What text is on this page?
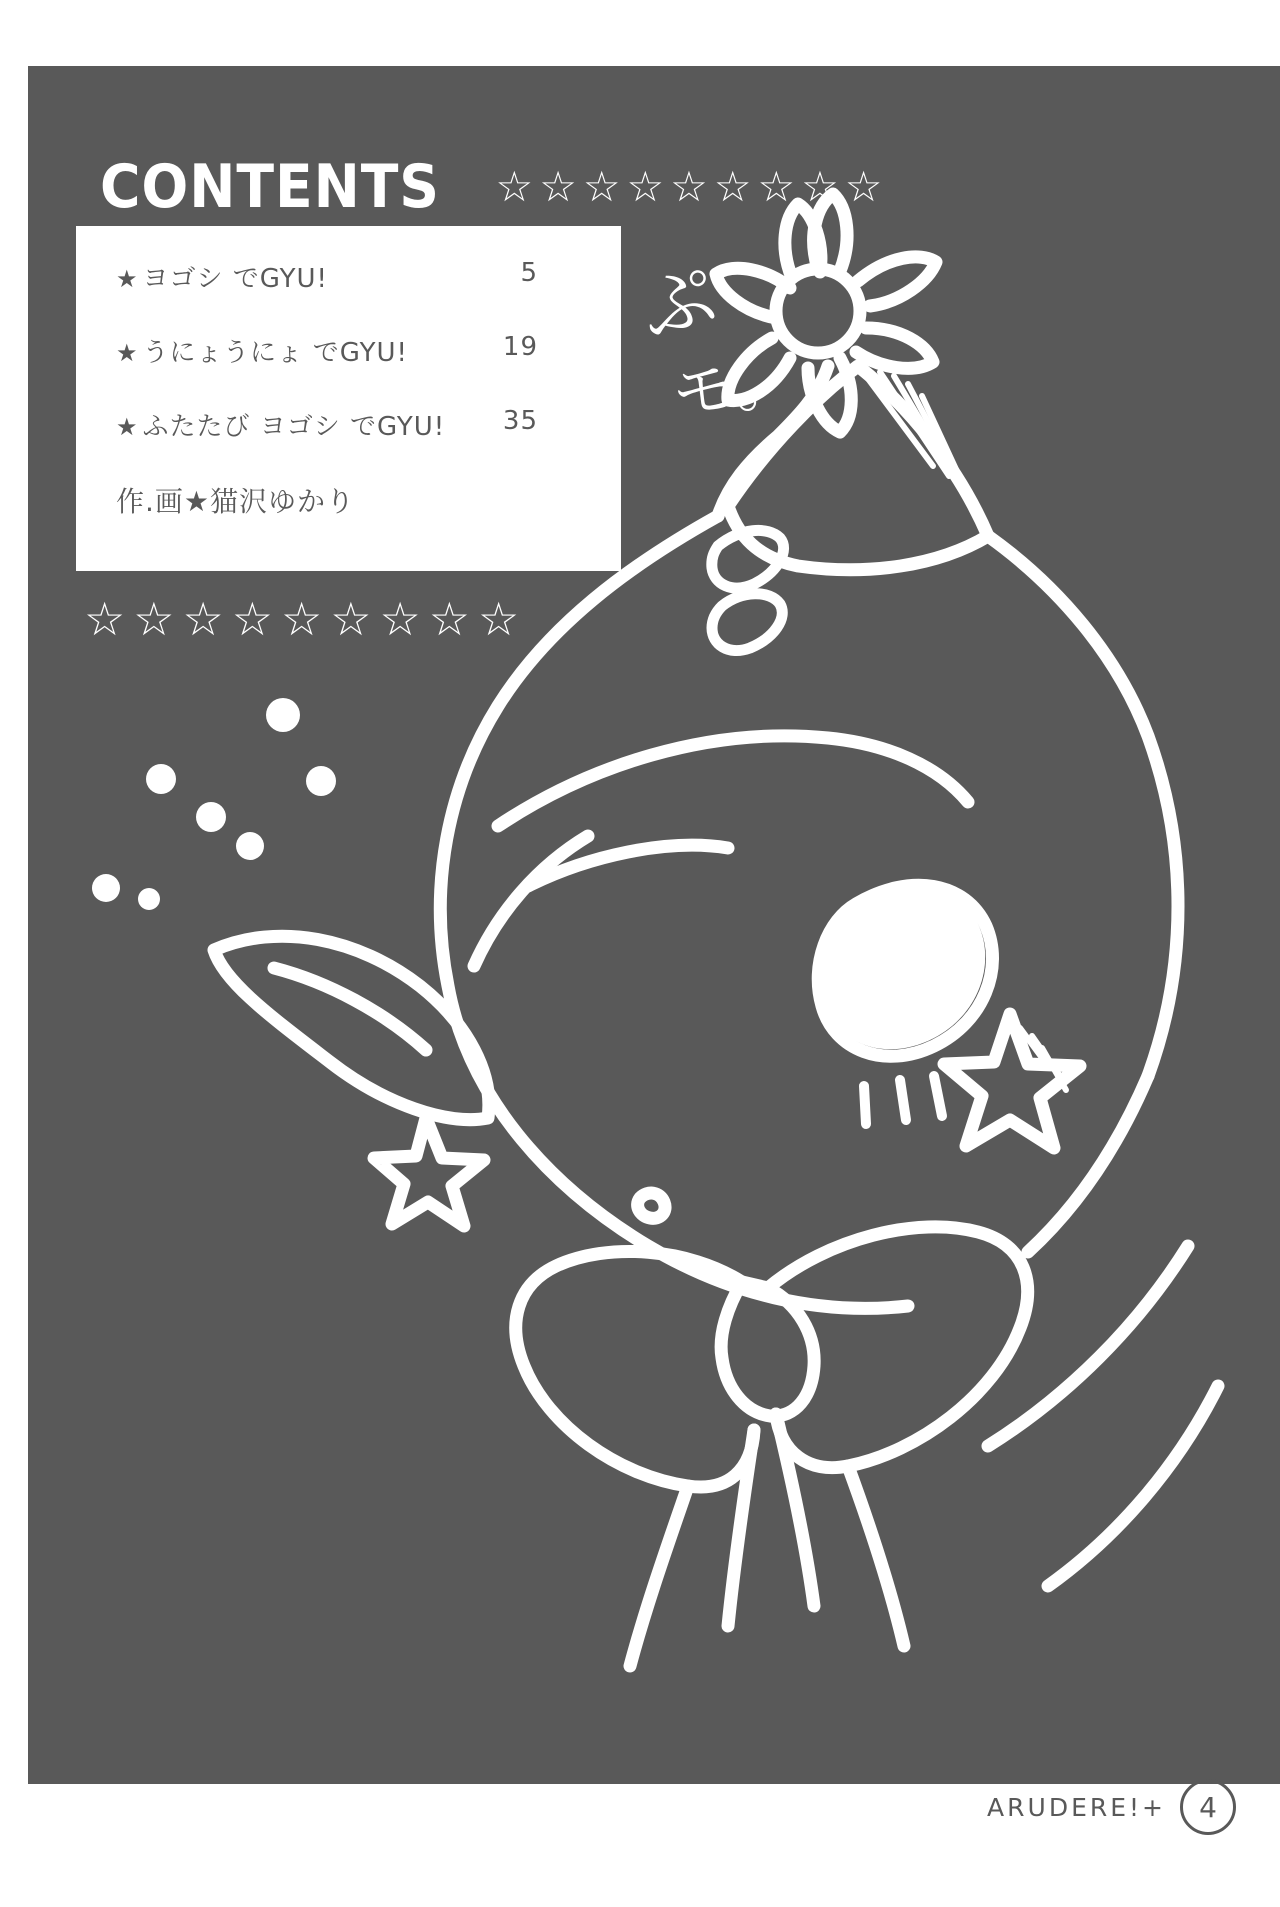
ぷ
モ。
CONTENTS ☆ ☆ ☆ ☆ ☆ ☆ ☆ ☆ ☆
★ ヨゴシ でGYU!	5
★ うにょうにょ でGYU!	19
★ ふたたび ヨゴシ でGYU! 35
作.画★猫沢ゆかり
☆ ☆ ☆ ☆ ☆ ☆ ☆ ☆ ☆
ARUDERE!+	4
